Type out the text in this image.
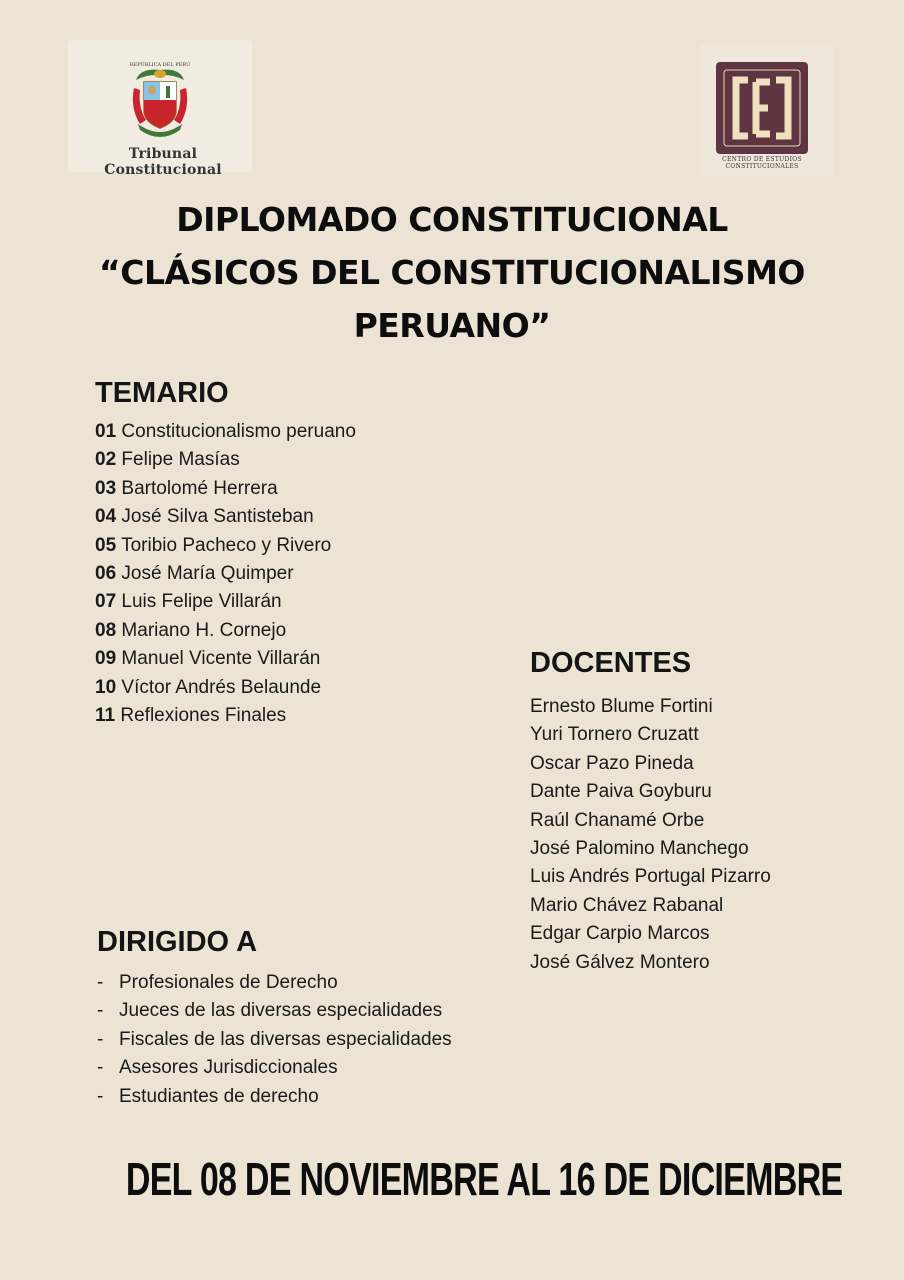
REPÚBLICA DEL PERÚ
Tribunal Constitucional
CENTRO DE ESTUDIOS
CONSTITUCIONALES
DIPLOMADO CONSTITUCIONAL
“CLÁSICOS DEL CONSTITUCIONALISMO
PERUANO”
TEMARIO
01 Constitucionalismo peruano
02 Felipe Masías
03 Bartolomé Herrera
04 José Silva Santisteban
05 Toribio Pacheco y Rivero
06 José María Quimper
07 Luis Felipe Villarán
08 Mariano H. Cornejo
09 Manuel Vicente Villarán
10 Víctor Andrés Belaunde
11 Reflexiones Finales
DOCENTES
Ernesto Blume Fortini
Yuri Tornero Cruzatt
Oscar Pazo Pineda
Dante Paiva Goyburu
Raúl Chanamé Orbe
José Palomino Manchego
Luis Andrés Portugal Pizarro
Mario Chávez Rabanal
Edgar Carpio Marcos
José Gálvez Montero
DIRIGIDO A
- Profesionales de Derecho
- Jueces de las diversas especialidades
- Fiscales de las diversas especialidades
- Asesores Jurisdiccionales
- Estudiantes de derecho
DEL 08 DE NOVIEMBRE AL 16 DE DICIEMBRE
